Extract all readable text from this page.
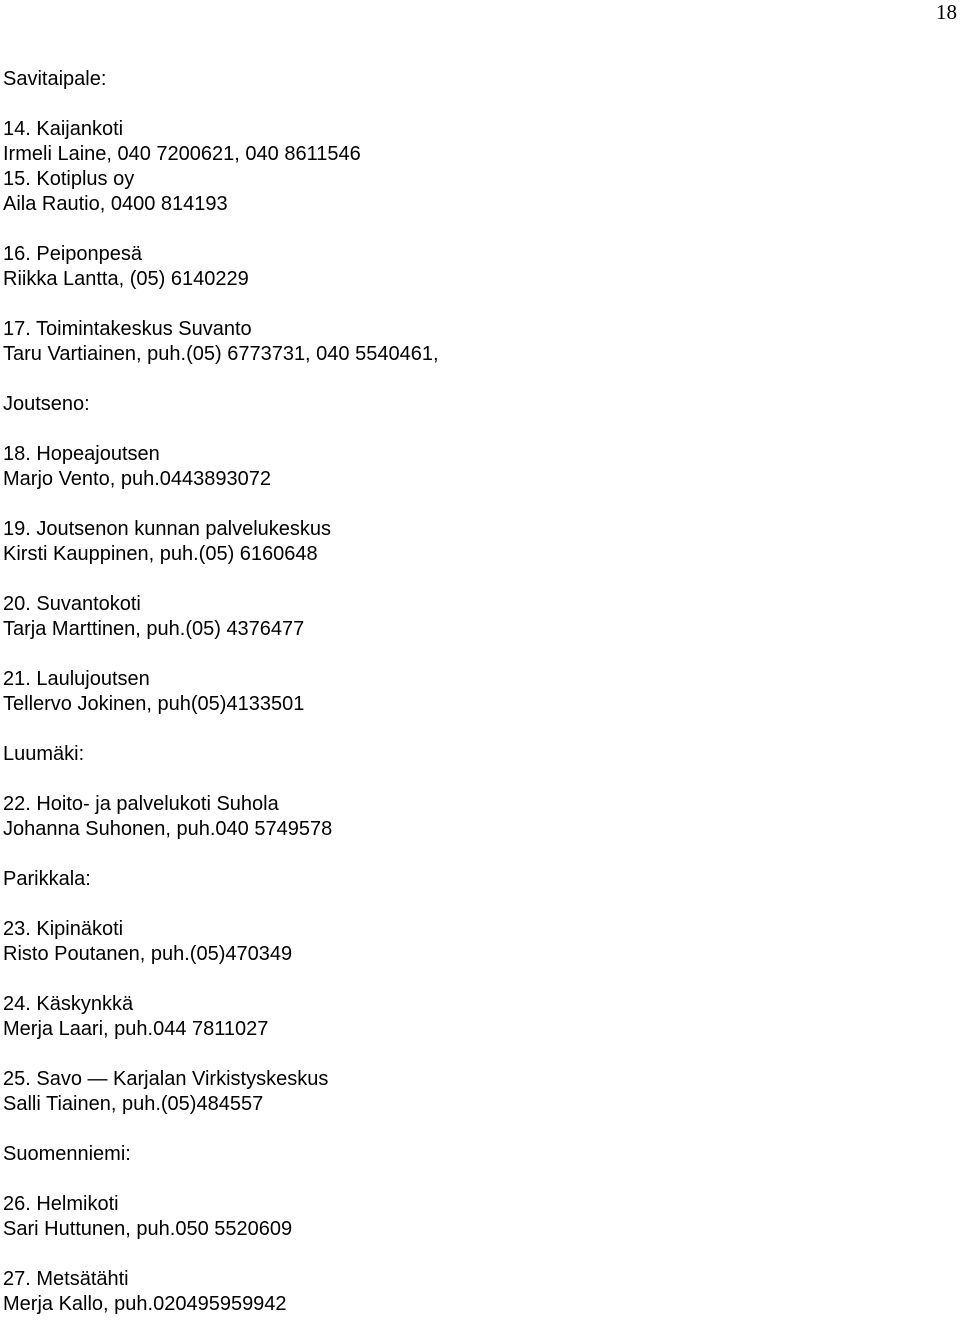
18
Savitaipale:
14. Kaijankoti
Irmeli Laine, 040 7200621, 040 8611546
15. Kotiplus oy
Aila Rautio, 0400 814193
16. Peiponpesä
Riikka Lantta, (05) 6140229
17. Toimintakeskus Suvanto
Taru Vartiainen, puh.(05) 6773731, 040 5540461,
Joutseno:
18. Hopeajoutsen
Marjo Vento, puh.0443893072
19. Joutsenon kunnan palvelukeskus
Kirsti Kauppinen, puh.(05) 6160648
20. Suvantokoti
Tarja Marttinen, puh.(05) 4376477
21. Laulujoutsen
Tellervo Jokinen, puh(05)4133501
Luumäki:
22. Hoito- ja palvelukoti Suhola
Johanna Suhonen, puh.040 5749578
Parikkala:
23. Kipinäkoti
Risto Poutanen, puh.(05)470349
24. Käskynkkä
Merja Laari, puh.044 7811027
25. Savo — Karjalan Virkistyskeskus
Salli Tiainen, puh.(05)484557
Suomenniemi:
26. Helmikoti
Sari Huttunen, puh.050 5520609
27. Metsätähti
Merja Kallo, puh.020495959942
